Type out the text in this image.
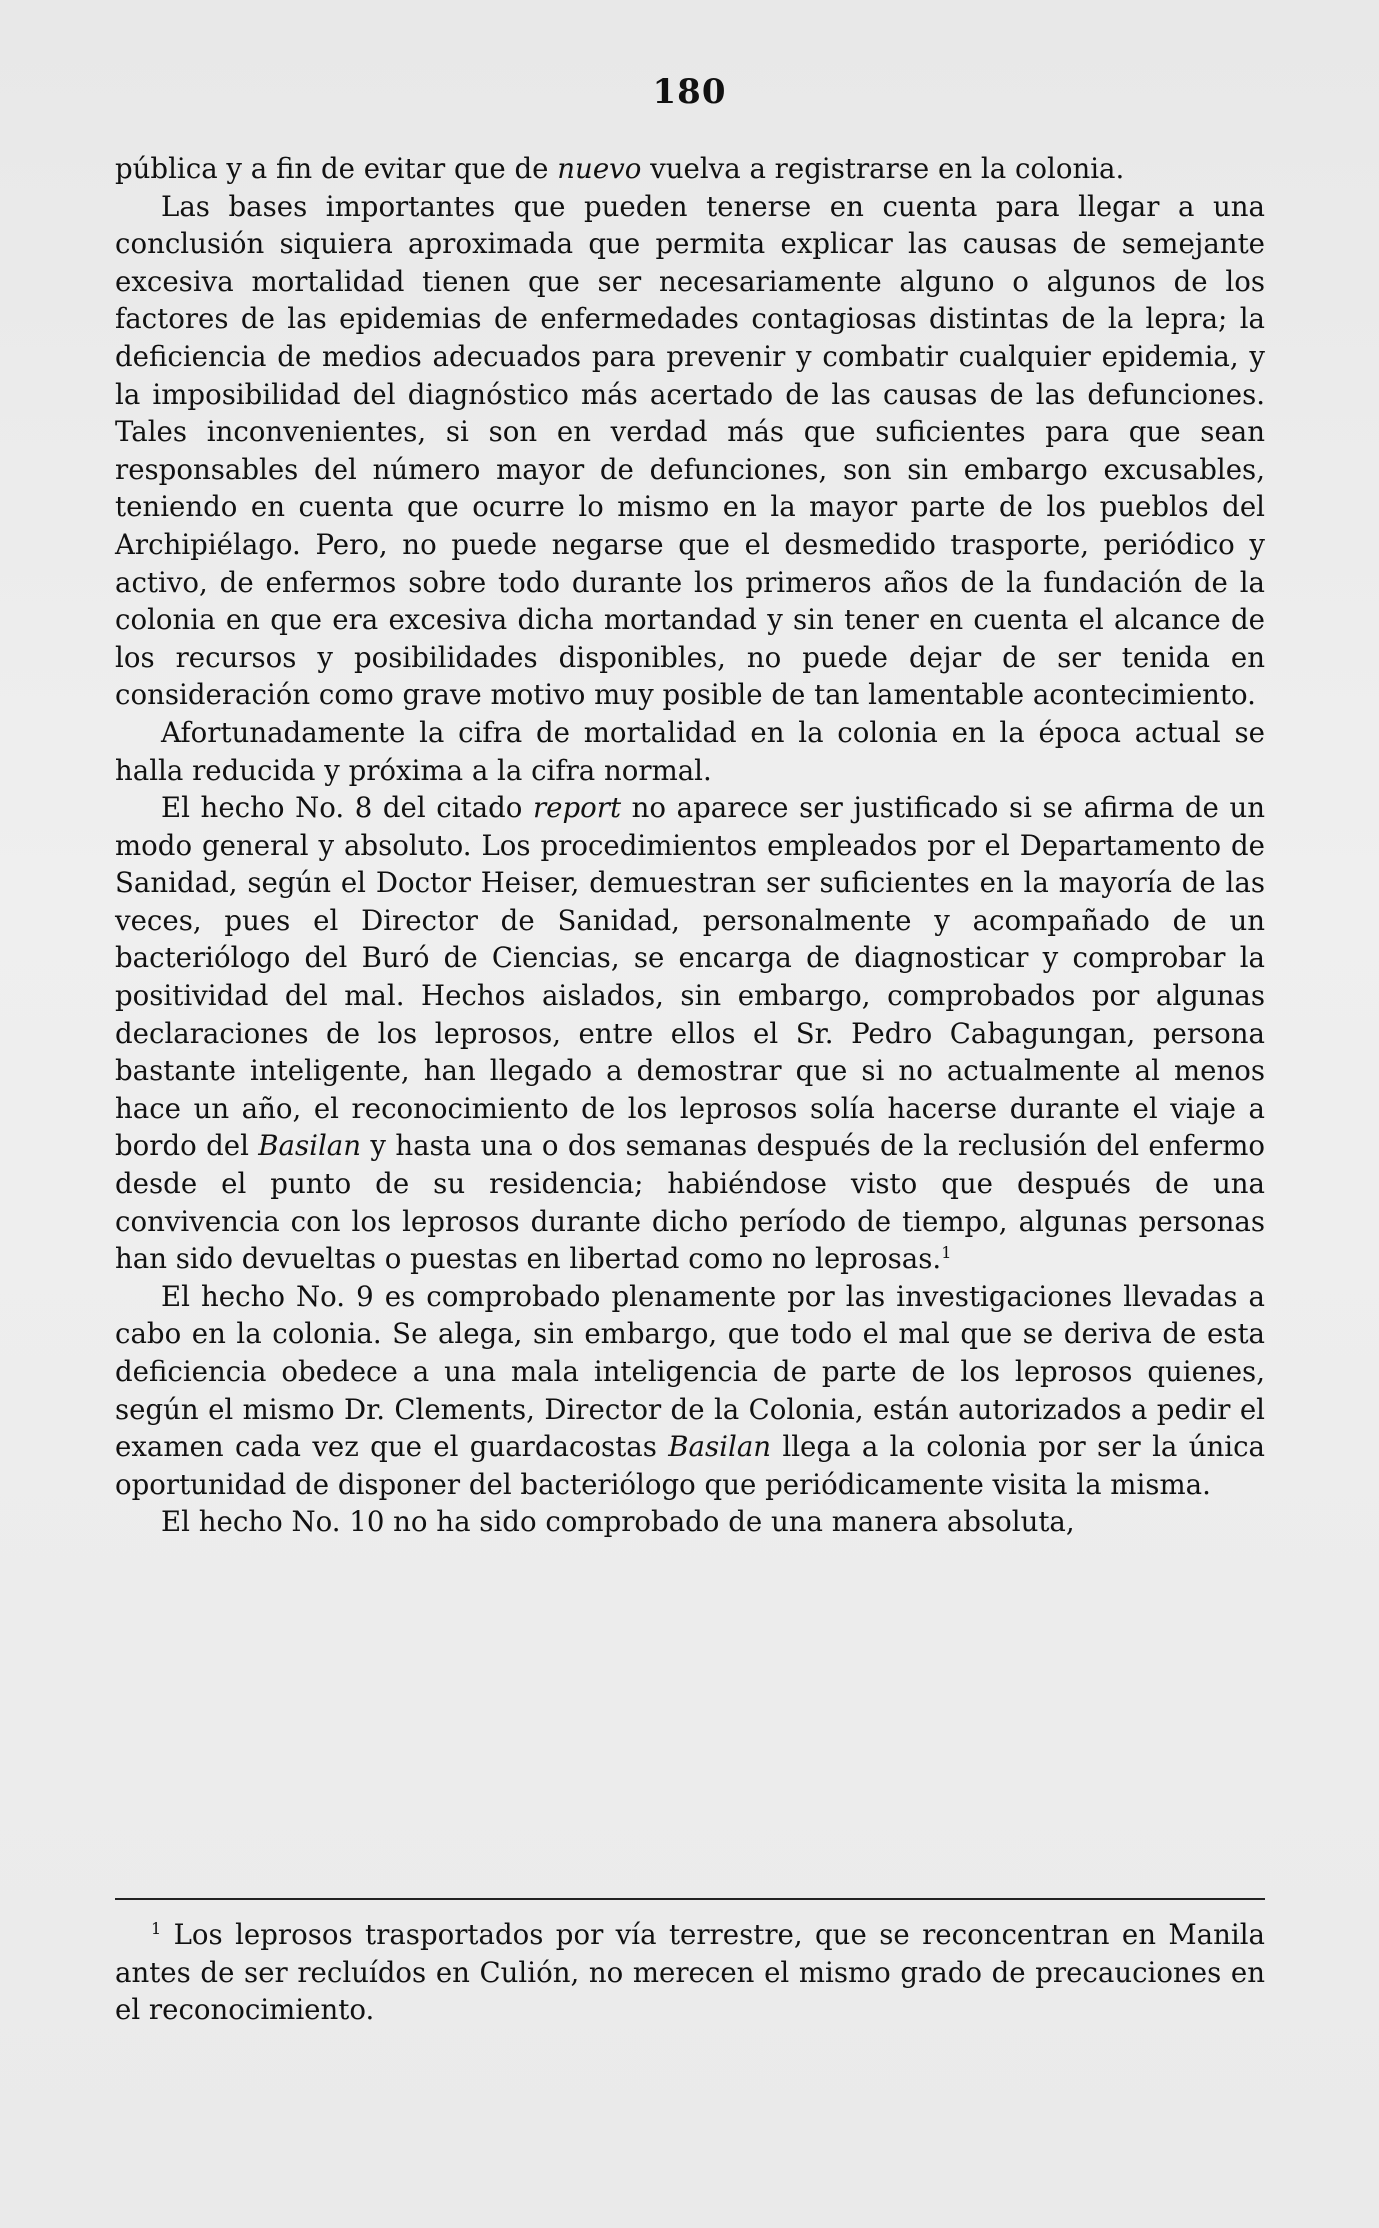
180

pública y a fin de evitar que de nuevo vuelva a registrarse en la colonia.

Las bases importantes que pueden tenerse en cuenta para llegar a una conclusión siquiera aproximada que permita explicar las causas de semejante excesiva mortalidad tienen que ser necesariamente alguno o algunos de los factores de las epidemias de enfermedades contagiosas distintas de la lepra; la deficiencia de medios adecuados para prevenir y combatir cualquier epidemia, y la imposibilidad del diagnóstico más acertado de las causas de las defunciones. Tales inconvenientes, si son en verdad más que suficientes para que sean responsables del número mayor de defunciones, son sin embargo excusables, teniendo en cuenta que ocurre lo mismo en la mayor parte de los pueblos del Archipiélago. Pero, no puede negarse que el desmedido trasporte, periódico y activo, de enfermos sobre todo durante los primeros años de la fundación de la colonia en que era excesiva dicha mortandad y sin tener en cuenta el alcance de los recursos y posibilidades disponibles, no puede dejar de ser tenida en consideración como grave motivo muy posible de tan lamentable acontecimiento.

Afortunadamente la cifra de mortalidad en la colonia en la época actual se halla reducida y próxima a la cifra normal.

El hecho No. 8 del citado report no aparece ser justificado si se afirma de un modo general y absoluto. Los procedimientos empleados por el Departamento de Sanidad, según el Doctor Heiser, demuestran ser suficientes en la mayoría de las veces, pues el Director de Sanidad, personalmente y acompañado de un bacteriólogo del Buró de Ciencias, se encarga de diagnosticar y comprobar la positividad del mal. Hechos aislados, sin embargo, comprobados por algunas declaraciones de los leprosos, entre ellos el Sr. Pedro Cabagungan, persona bastante inteligente, han llegado a demostrar que si no actualmente al menos hace un año, el reconocimiento de los leprosos solía hacerse durante el viaje a bordo del Basilan y hasta una o dos semanas después de la reclusión del enfermo desde el punto de su residencia; habiéndose visto que después de una convivencia con los leprosos durante dicho período de tiempo, algunas personas han sido devueltas o puestas en libertad como no leprosas.$^1$

El hecho No. 9 es comprobado plenamente por las investigaciones llevadas a cabo en la colonia. Se alega, sin embargo, que todo el mal que se deriva de esta deficiencia obedece a una mala inteligencia de parte de los leprosos quienes, según el mismo Dr. Clements, Director de la Colonia, están autorizados a pedir el examen cada vez que el guardacostas Basilan llega a la colonia por ser la única oportunidad de disponer del bacteriólogo que periódicamente visita la misma.

El hecho No. 10 no ha sido comprobado de una manera absoluta,

$^1$ Los leprosos trasportados por vía terrestre, que se reconcentran en Manila antes de ser recluídos en Culión, no merecen el mismo grado de precauciones en el reconocimiento.
